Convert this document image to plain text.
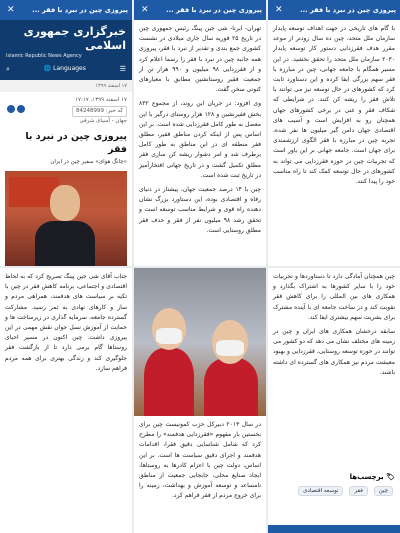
پیروزی چین در نبرد با فقر ...
✕
با گام های تاریخی در جهت اهداف توسعه پایدار سازمان ملل متحد، چین ده سال زودتر از موعد مقرر هدف فقرزدایی دستور کار توسعه پایدار ۲۰۳۰ سازمان ملل متحد را تحقق بخشید. در این مسیر همگام با جامعه جهانی، چین در مبارزه با فقر سهم بزرگی ایفا کرده و این دستاورد ثابت کرد که کشورهای در حال توسعه نیز می توانند با تلاش فقر را ریشه کن کنند. در شرایطی که شکاف فقر و غنی در برخی کشورهای جهان همچنان رو به افزایش است و آسیب های اقتصادی جهان دامن گیر میلیون ها نفر شده، تجربه چین در مبارزه با فقر الگوی ارزشمندی برای جهان است. جامعه جهانی بر این باور است که تجربیات چین در حوزه فقرزدایی می تواند به کشورهای در حال توسعه کمک کند تا راه مناسب خود را پیدا کنند.
پیروزی چین در نبرد با فقر ...
✕

تهران- ایرنا- شی جین پینگ رئیس جمهوری چین در تاریخ ۲۵ فوریه سال جاری میلادی در نشست کشوری جمع بندی و تقدیر از نبرد با فقر، پیروزی همه جانبه چین در نبرد با فقر را رسما اعلام کرد و از فقرزدایی ۹۸ میلیون و ۹۹۰ هزار تن از جمعیت فقیر روستانشین مطابق با معیارهای کنونی سخن گفت.

وی افزود: در جریان این روند، از مجموع ۸۳۲ بخش فقیرنشین و ۱۲۸ هزار روستای درگیر با این معضل به طور کامل فقرزدایی شده است. بر این اساس پس از اینکه کردن مناطق فقیر، مطلق فقر منطقه ای در این مناطق به طور کامل برطرف شد و امر دشوار ریشه کن سازی فقر مطلق تکمیل گشت و در تاریخ جهانی افتخارآمیز در تاریخ ثبت شده است.

چین با ۱۴ درصد جمعیت جهان، پیشتاز در دنیای رفاه و اقتصادی بوده، این دستاورد بزرگ نشان دهنده راه قوی و شرایط مناسب توسعه است و تحقق رشد ۹۸ میلیون نفر از فقر و حذف فقر مطلق روستایی است.

پیروزی چین در نبرد با فقر ...
✕
خبرگزاری جمهوری اسلامی
Islamic Republic News Agency
☰
🌐 Languages
⌕
۱۷ اسفند ۱۳۹۹
۱۷ اسفند ۱۳۹۹، ۱۷:۱۷
کد خبر: 84248999
جهان - آسیای شرقی
پیروزی چین در نبرد با فقر
«چانگ هوای» سفیر چین در ایران

چین همچنان آمادگی دارد تا دستاوردها و تجربیات خود را با سایر کشورها به اشتراک بگذارد و همکاری های بین المللی را برای کاهش فقر تقویت کند و در ساخت جامعه ای با آینده مشترک برای بشریت سهم بیشتری ایفا کند.

سابقه درخشان همکاری های ایران و چین در زمینه های مختلف نشان می دهد که دو کشور می توانند در حوزه توسعه روستایی، فقرزدایی و بهبود معیشت مردم نیز همکاری های گسترده ای داشته باشند.

🏷 برچسب‌ها
چین فقر توسعه اقتصادی

در سال ۲۰۱۳ دبیرکل حزب کمونیست چین برای نخستین بار مفهوم «فقرزدایی هدفمند» را مطرح کرد که شامل شناسایی دقیق فقرا، اقدامات هدفمند و اجرای دقیق سیاست ها است. بر این اساس، دولت چین با اعزام کادرها به روستاها، ایجاد صنایع محلی، جابجایی جمعیت از مناطق نامساعد و توسعه آموزش و بهداشت، زمینه را برای خروج مردم از فقر فراهم کرد.

جناب آقای شی جین پینگ تصریح کرد که به لحاظ اقتصادی و اجتماعی، برنامه کاهش فقر در چین با تکیه بر سیاست های هدفمند، همراهی مردم و ساز و کارهای نهادی به ثمر رسید. مشارکت گسترده جامعه، سرمایه گذاری در زیرساخت ها و حمایت از آموزش نسل جوان نقش مهمی در این پیروزی داشت. چین اکنون در مسیر احیای روستاها گام برمی دارد تا از بازگشت فقر جلوگیری کند و زندگی بهتری برای همه مردم فراهم سازد.
